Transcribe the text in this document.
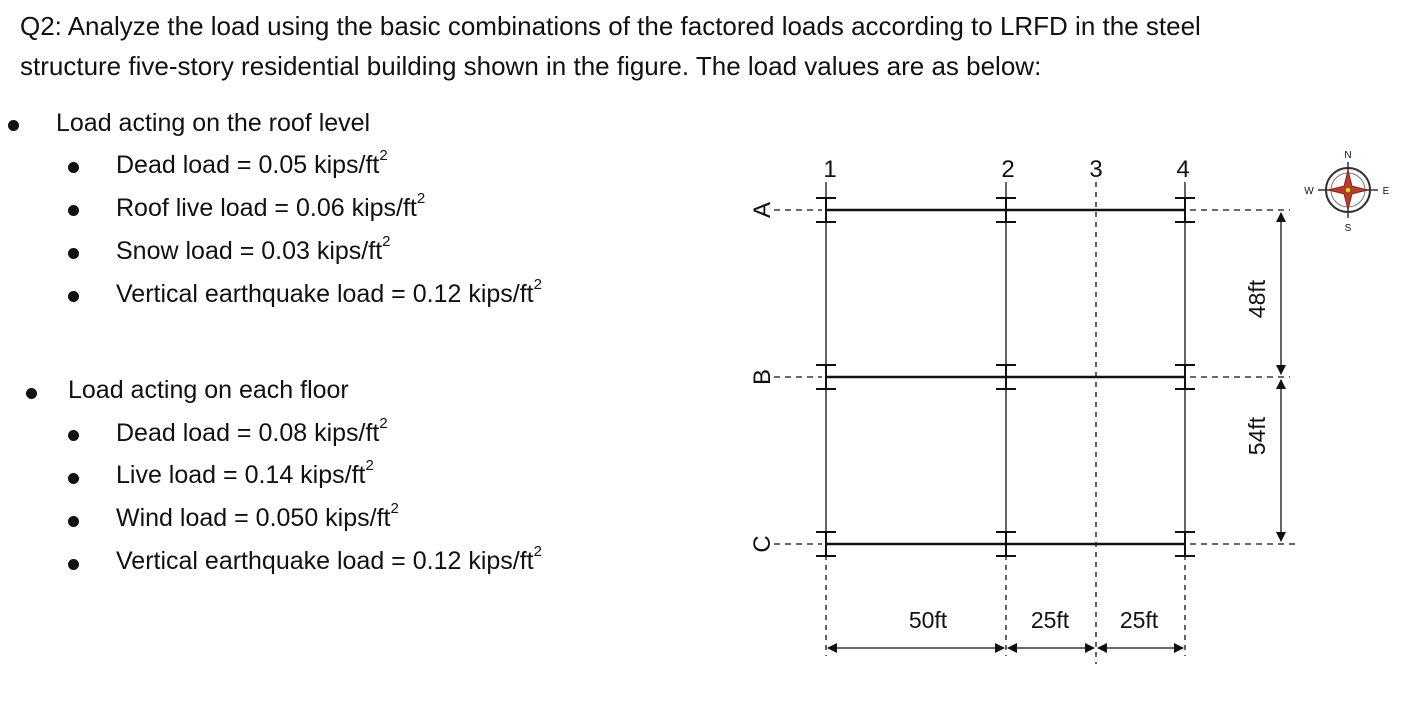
Q2: Analyze the load using the basic combinations of the factored loads according to LRFD in the steel
structure five-story residential building shown in the figure. The load values are as below:
Load acting on the roof level
Dead load = 0.05 kips/$ft^2$
Roof live load = 0.06 kips/$ft^2$
Snow load = 0.03 kips/$ft^2$
Vertical earthquake load = 0.12 kips/$ft^2$
Load acting on each floor
Dead load = 0.08 kips/$ft^2$
Live load = 0.14 kips/$ft^2$
Wind load = 0.050 kips/$ft^2$
Vertical earthquake load = 0.12 kips/$ft^2$
1	2	3	4
A
B
C
50ft	25ft 25ft
48ft
54ft
N
S
E
W
